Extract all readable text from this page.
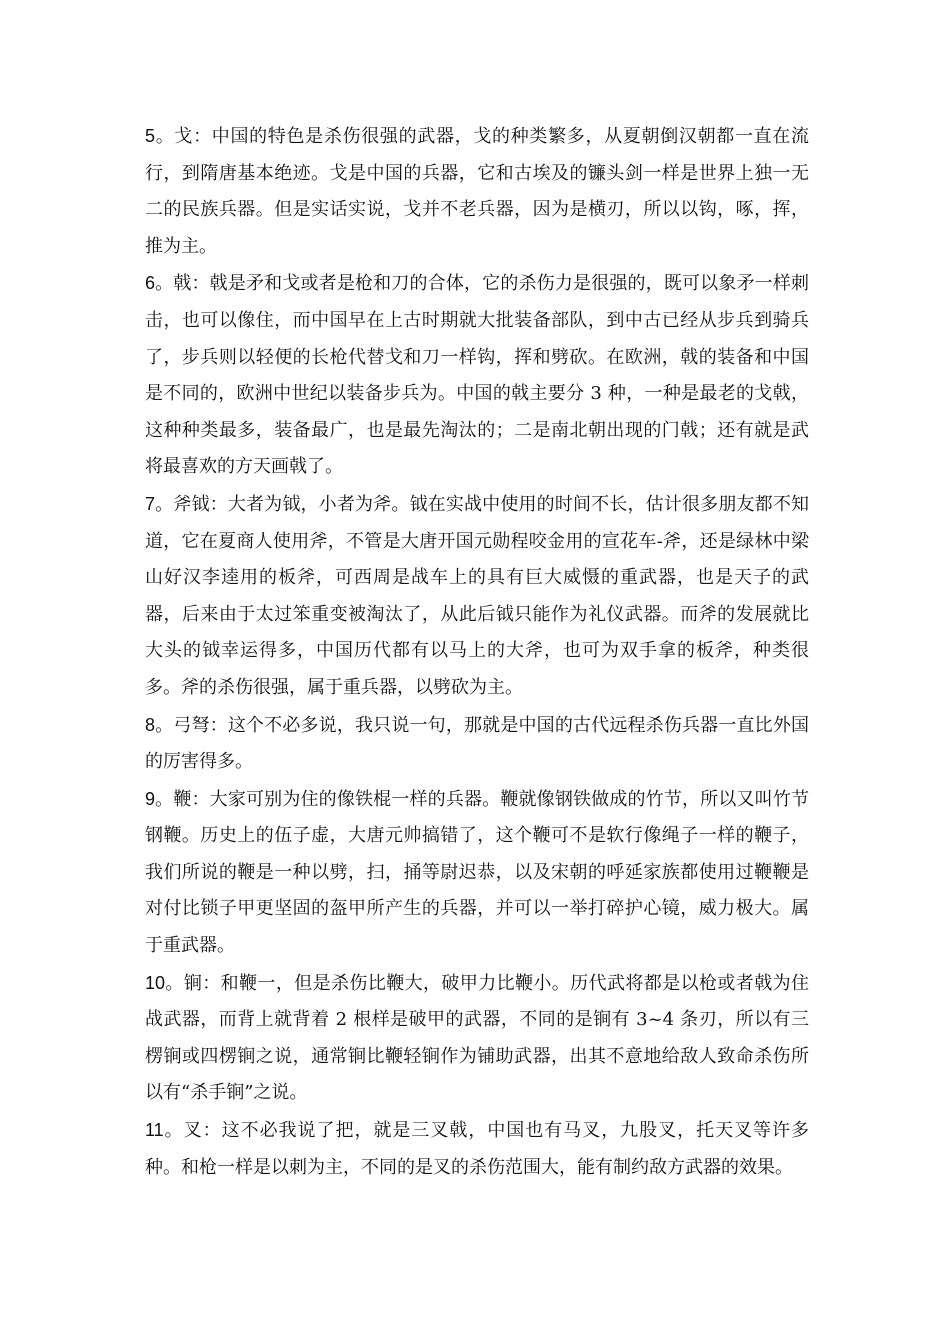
5。戈：中国的特色是杀伤很强的武器，戈的种类繁多，从夏朝倒汉朝都一直在流行，到隋唐基本绝迹。戈是中国的兵器，它和古埃及的镰头剑一样是世界上独一无二的民族兵器。但是实话实说，戈并不老兵器，因为是横刃，所以以钩，啄，挥，推为主。

6。戟：戟是矛和戈或者是枪和刀的合体，它的杀伤力是很强的，既可以象矛一样刺击，也可以像住，而中国早在上古时期就大批装备部队，到中古已经从步兵到骑兵了，步兵则以轻便的长枪代替戈和刀一样钩，挥和劈砍。在欧洲，戟的装备和中国是不同的，欧洲中世纪以装备步兵为。中国的戟主要分 3 种，一种是最老的戈戟，这种种类最多，装备最广，也是最先淘汰的；二是南北朝出现的门戟；还有就是武将最喜欢的方天画戟了。

7。斧钺：大者为钺，小者为斧。钺在实战中使用的时间不长，估计很多朋友都不知道，它在夏商人使用斧，不管是大唐开国元勋程咬金用的宣花车-斧，还是绿林中梁山好汉李逵用的板斧，可西周是战车上的具有巨大威慑的重武器，也是天子的武器，后来由于太过笨重变被淘汰了，从此后钺只能作为礼仪武器。而斧的发展就比大头的钺幸运得多，中国历代都有以马上的大斧，也可为双手拿的板斧，种类很多。斧的杀伤很强，属于重兵器，以劈砍为主。

8。弓弩：这个不必多说，我只说一句，那就是中国的古代远程杀伤兵器一直比外国的厉害得多。

9。鞭：大家可别为住的像铁棍一样的兵器。鞭就像钢铁做成的竹节，所以又叫竹节钢鞭。历史上的伍子虚，大唐元帅搞错了，这个鞭可不是软行像绳子一样的鞭子，我们所说的鞭是一种以劈，扫，捅等尉迟恭，以及宋朝的呼延家族都使用过鞭鞭是对付比锁子甲更坚固的盔甲所产生的兵器，并可以一举打碎护心镜，威力极大。属于重武器。

10。锏：和鞭一，但是杀伤比鞭大，破甲力比鞭小。历代武将都是以枪或者戟为住战武器，而背上就背着 2 根样是破甲的武器，不同的是锏有 3~4 条刃，所以有三楞锏或四楞锏之说，通常锏比鞭轻锏作为铺助武器，出其不意地给敌人致命杀伤所以有“杀手锏”之说。

11。叉：这不必我说了把，就是三叉戟，中国也有马叉，九股叉，托天叉等许多种。和枪一样是以刺为主，不同的是叉的杀伤范围大，能有制约敌方武器的效果。
